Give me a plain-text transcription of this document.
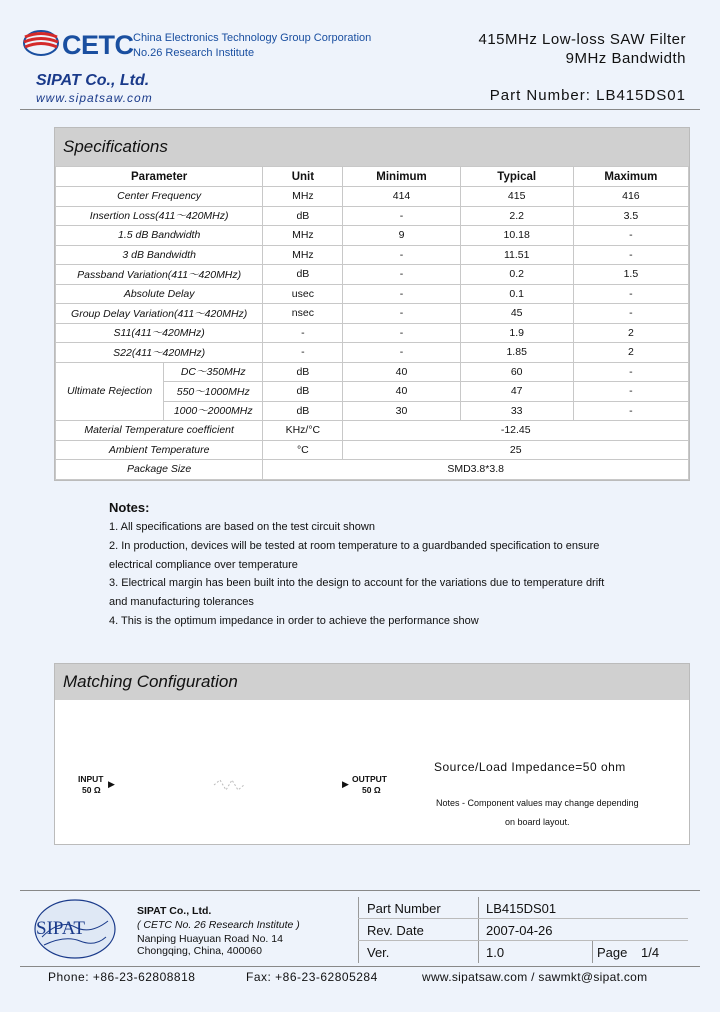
CETC China Electronics Technology Group Corporation
No.26 Research Institute
SIPAT Co., Ltd.
www.sipatsaw.com
415MHz Low-loss SAW Filter
9MHz Bandwidth
Part Number: LB415DS01
Specifications
Parameter		Unit	Minimum	Typical	Maximum
Center Frequency		MHz	414	415	416
Insertion Loss(411～420MHz)		dB	-	2.2	3.5
1.5 dB Bandwidth		MHz	9	10.18	-
3 dB Bandwidth		MHz	-	11.51	-
Passband Variation(411～420MHz)		dB	-	0.2	1.5
Absolute Delay		usec	-	0.1	-
Group Delay Variation(411～420MHz)		nsec	-	45	-
S11(411～420MHz)		-	-	1.9	2
S22(411～420MHz)		-	-	1.85	2
Ultimate Rejection	DC～350MHz	dB	40	60	-
	550～1000MHz	dB	40	47	-
	1000～2000MHz	dB	30	33	-
Material Temperature coefficient		KHz/°C	-12.45		
Ambient Temperature		°C	25		
Package Size		SMD3.8*3.8			
Notes:
1. All specifications are based on the test circuit shown
2. In production, devices will be tested at room temperature to a guardbanded specification to ensure
electrical compliance over temperature
3. Electrical margin has been built into the design to account for the variations due to temperature drift
and manufacturing tolerances
4. This is the optimum impedance in order to achieve the performance show
Matching Configuration
INPUT
50 Ω
▶	OUTPUT
50 Ω
▶
Source/Load Impedance=50 ohm
Notes - Component values may change depending
on board layout.
SIPAT
SIPAT Co., Ltd.
( CETC No. 26 Research Institute )
Nanping Huayuan Road No. 14
Chongqing, China, 400060
Part Number	LB415DS01
Rev. Date	2007-04-26
Ver.	1.0	Page 1/4
Phone: +86-23-62808818	Fax: +86-23-62805284	www.sipatsaw.com / sawmkt@sipat.com
